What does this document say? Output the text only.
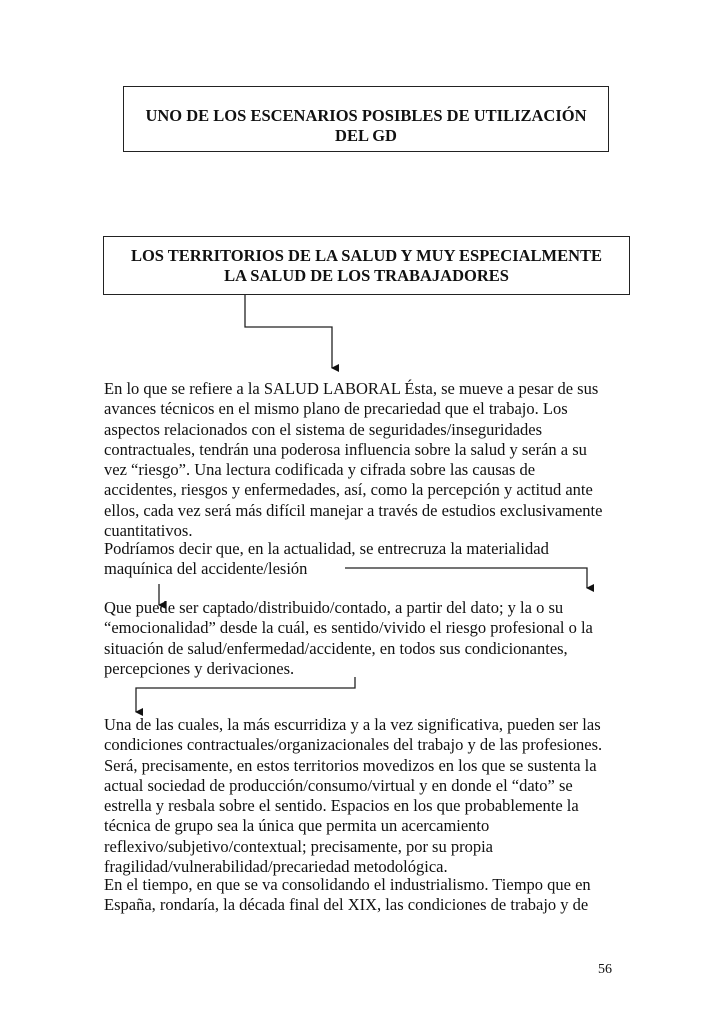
UNO DE LOS ESCENARIOS POSIBLES DE UTILIZACIÓN
DEL GD
LOS TERRITORIOS DE LA SALUD Y MUY ESPECIALMENTE
LA SALUD DE LOS TRABAJADORES
En lo que se refiere a la SALUD LABORAL Ésta, se mueve a pesar de sus
avances técnicos en el mismo plano de precariedad que el trabajo. Los
aspectos relacionados con el sistema de seguridades/inseguridades
contractuales, tendrán una poderosa influencia sobre la salud y serán a su
vez “riesgo”. Una lectura codificada y cifrada sobre las causas de
accidentes, riesgos y enfermedades, así, como la percepción y actitud ante
ellos, cada vez será más difícil manejar a través de estudios exclusivamente
cuantitativos.
Podríamos decir que, en la actualidad, se entrecruza la materialidad
maquínica del accidente/lesión
Que puede ser captado/distribuido/contado, a partir del dato; y la o su
“emocionalidad” desde la cuál, es sentido/vivido el riesgo profesional o la
situación de salud/enfermedad/accidente, en todos sus condicionantes,
percepciones y derivaciones.
Una de las cuales, la más escurridiza y a la vez significativa, pueden ser las
condiciones contractuales/organizacionales del trabajo y de las profesiones.
Será, precisamente, en estos territorios movedizos en los que se sustenta la
actual sociedad de producción/consumo/virtual y en donde el “dato” se
estrella y resbala sobre el sentido. Espacios en los que probablemente la
técnica de grupo sea la única que permita un acercamiento
reflexivo/subjetivo/contextual; precisamente, por su propia
fragilidad/vulnerabilidad/precariedad metodológica.
En el tiempo, en que se va consolidando el industrialismo. Tiempo que en
España, rondaría, la década final del XIX, las condiciones de trabajo y de
56
